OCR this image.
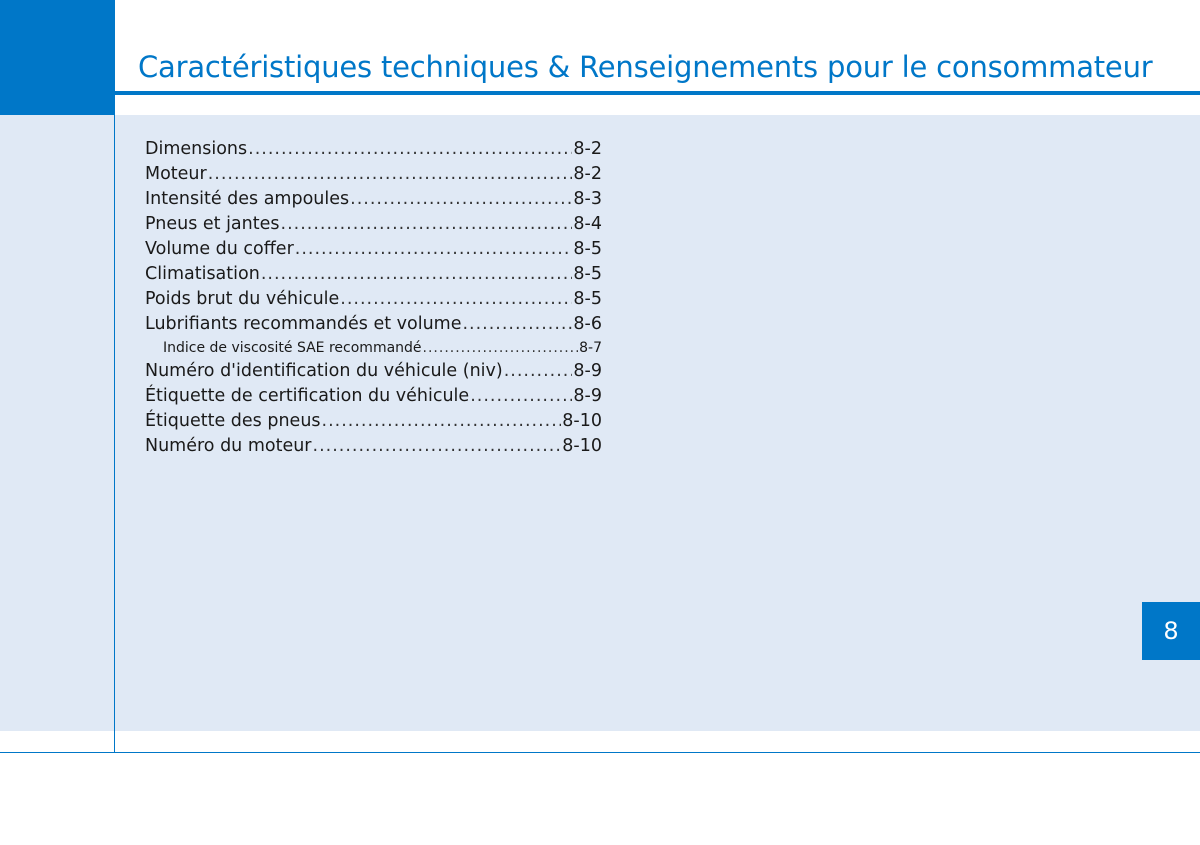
Caractéristiques techniques & Renseignements pour le consommateur
8
Dimensions .....	8-2
Moteur .....	8-2
Intensité des ampoules .....	8-3
Pneus et jantes .....	8-4
Volume du coffer .....	8-5
Climatisation .....	8-5
Poids brut du véhicule .....	8-5
Lubrifiants recommandés et volume .....	8-6
Indice de viscosité SAE recommandé .....	8-7
Numéro d'identification du véhicule (niv) .....	8-9
Étiquette de certification du véhicule .....	8-9
Étiquette des pneus .....	8-10
Numéro du moteur .....	8-10
